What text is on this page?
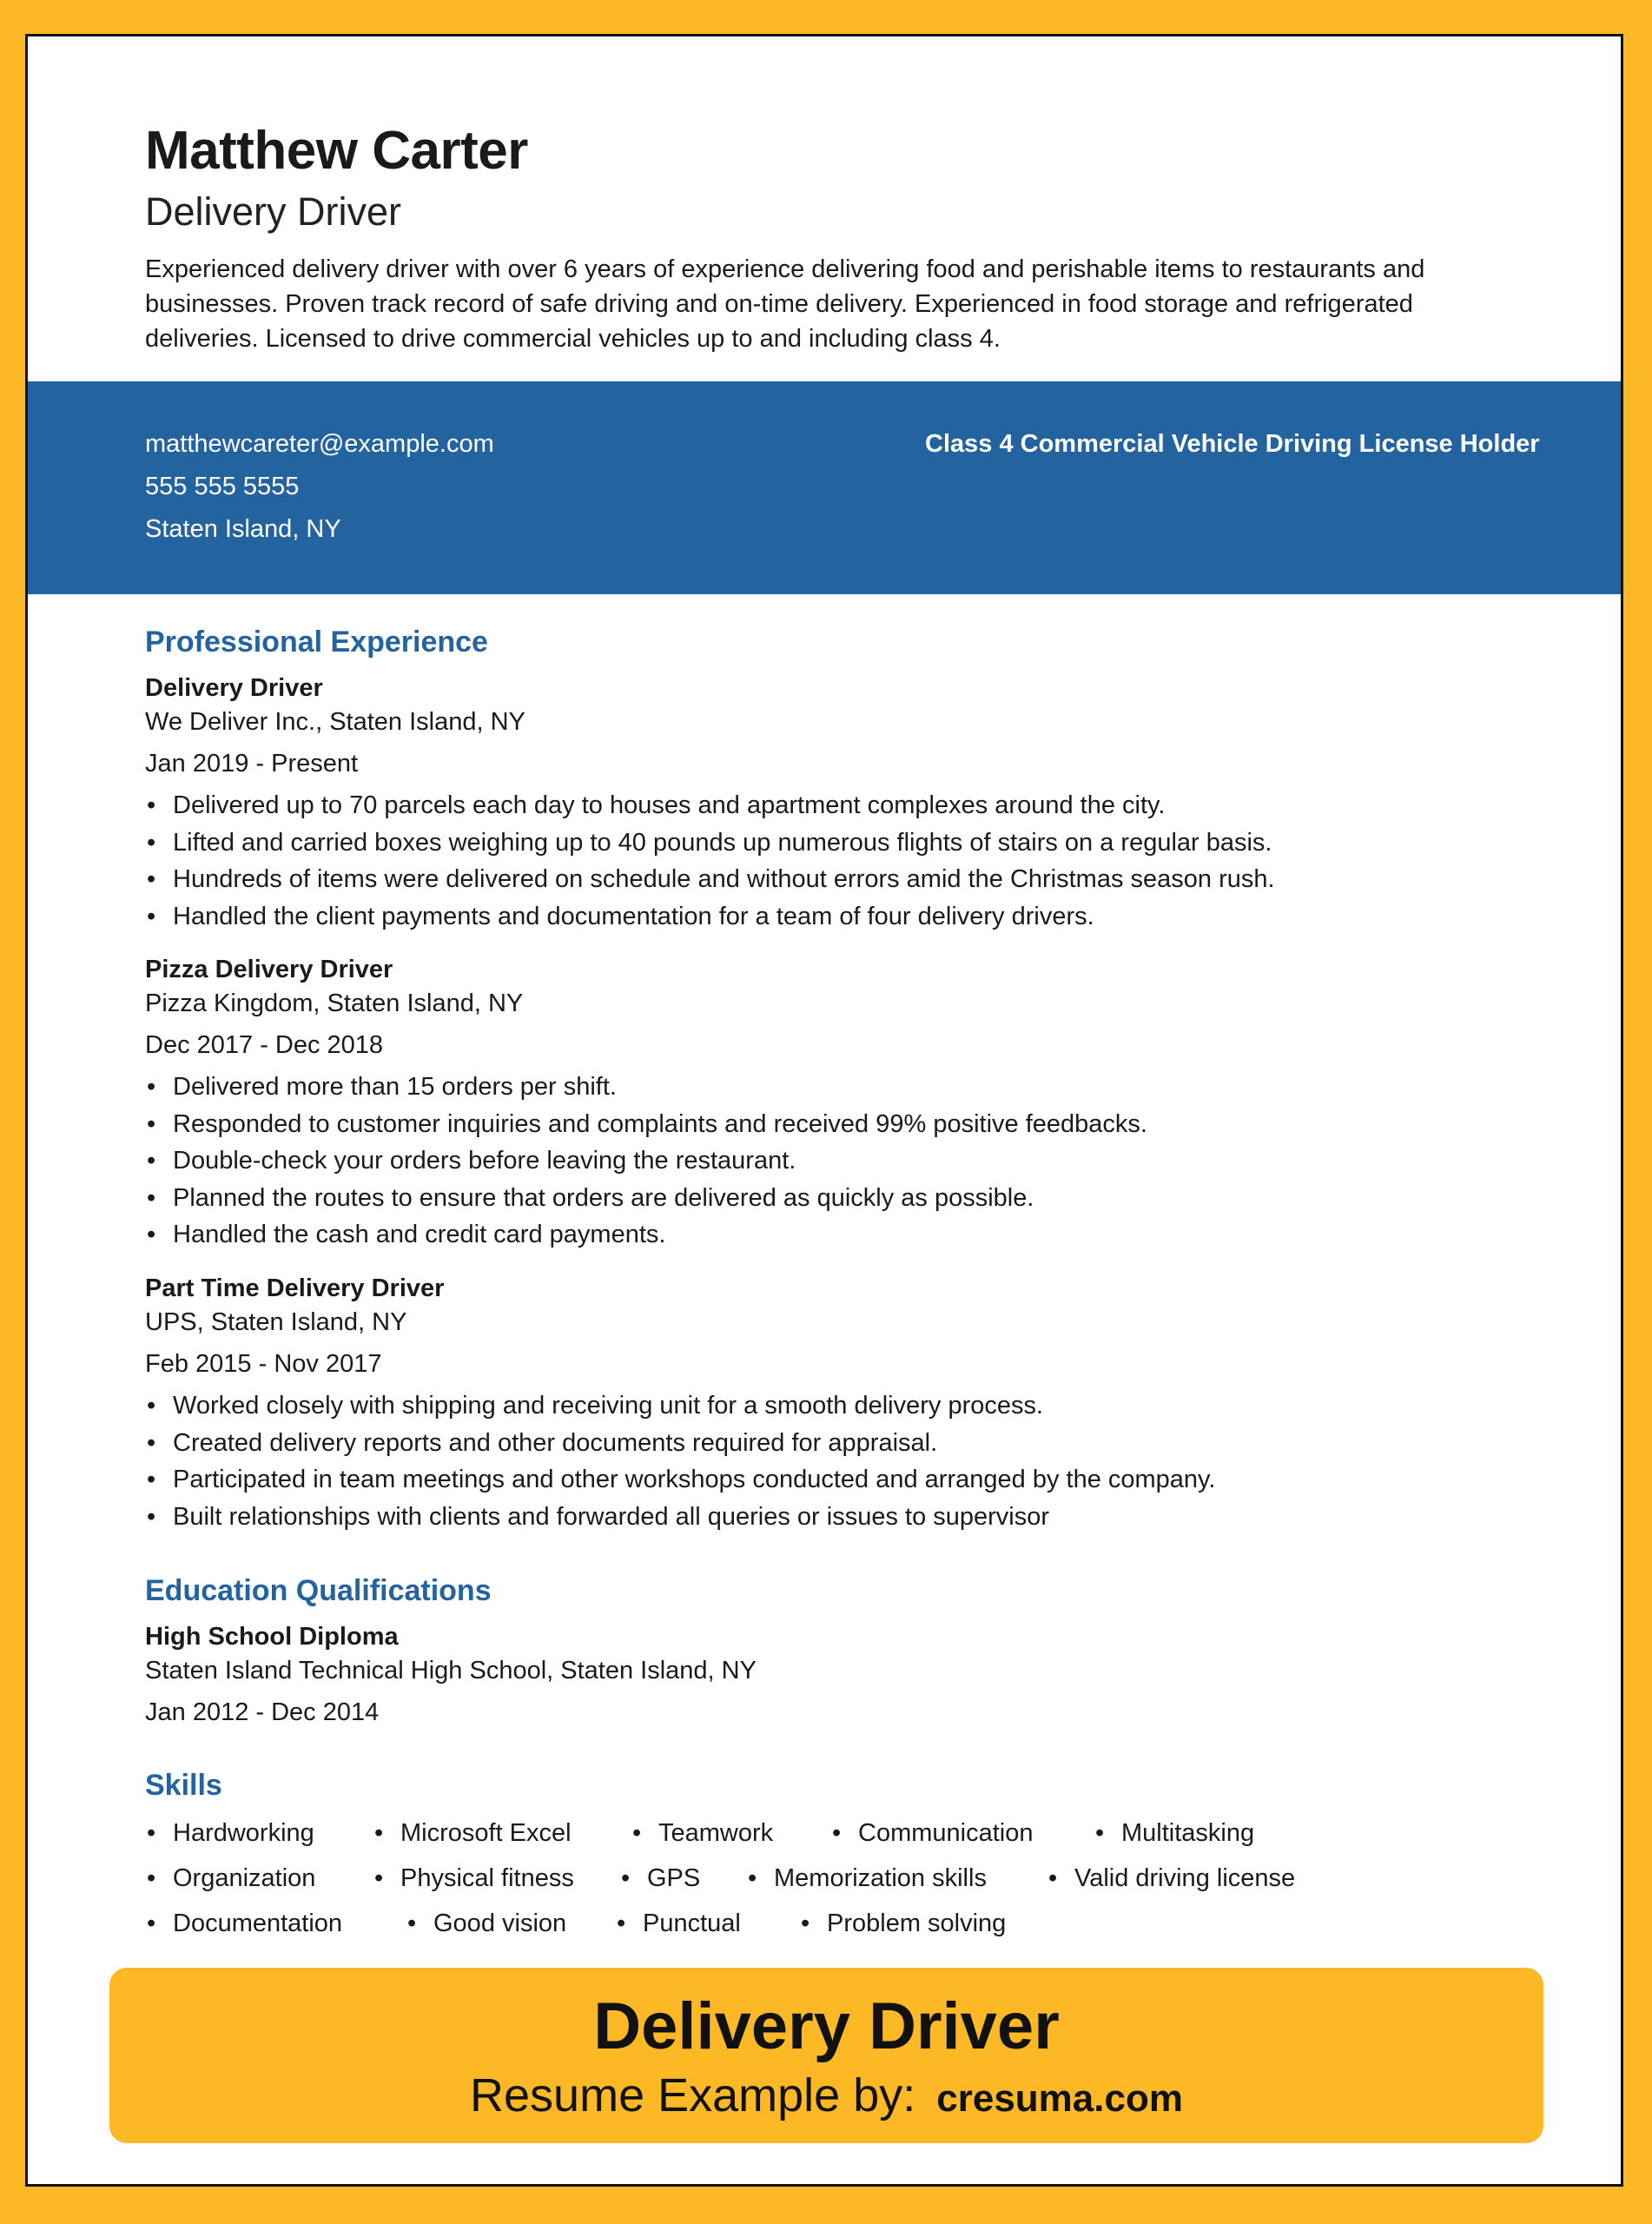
Matthew Carter
Delivery Driver

Experienced delivery driver with over 6 years of experience delivering food and perishable items to restaurants and businesses. Proven track record of safe driving and on-time delivery. Experienced in food storage and refrigerated deliveries. Licensed to drive commercial vehicles up to and including class 4.

matthewcareter@example.com
555 555 5555
Staten Island, NY
Class 4 Commercial Vehicle Driving License Holder
Professional Experience
Delivery Driver
We Deliver Inc., Staten Island, NY
Jan 2019 - Present
• Delivered up to 70 parcels each day to houses and apartment complexes around the city.
• Lifted and carried boxes weighing up to 40 pounds up numerous flights of stairs on a regular basis.
• Hundreds of items were delivered on schedule and without errors amid the Christmas season rush.
• Handled the client payments and documentation for a team of four delivery drivers.
Pizza Delivery Driver
Pizza Kingdom, Staten Island, NY
Dec 2017 - Dec 2018
• Delivered more than 15 orders per shift.
• Responded to customer inquiries and complaints and received 99% positive feedbacks.
• Double-check your orders before leaving the restaurant.
• Planned the routes to ensure that orders are delivered as quickly as possible.
• Handled the cash and credit card payments.
Part Time Delivery Driver
UPS, Staten Island, NY
Feb 2015 - Nov 2017
• Worked closely with shipping and receiving unit for a smooth delivery process.
• Created delivery reports and other documents required for appraisal.
• Participated in team meetings and other workshops conducted and arranged by the company.
• Built relationships with clients and forwarded all queries or issues to supervisor
Education Qualifications
High School Diploma
Staten Island Technical High School, Staten Island, NY
Jan 2012 - Dec 2014
Skills
• Hardworking	• Microsoft Excel	• Teamwork	• Communication	• Multitasking
• Organization	• Physical fitness	• GPS	• Memorization skills	• Valid driving license
• Documentation	• Good vision	• Punctual	• Problem solving
Delivery Driver
Resume Example by: cresuma.com
